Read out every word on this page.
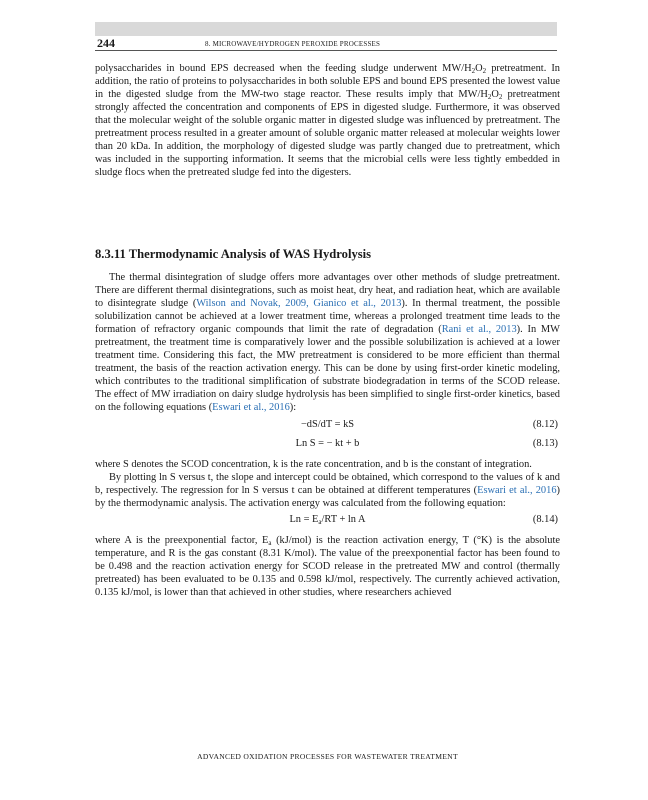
244	8. MICROWAVE/HYDROGEN PEROXIDE PROCESSES

polysaccharides in bound EPS decreased when the feeding sludge underwent $MW/H_2O_2$ pretreatment. In addition, the ratio of proteins to polysaccharides in both soluble EPS and bound EPS presented the lowest value in the digested sludge from the MW-two stage reactor. These results imply that $MW/H_2O_2$ pretreatment strongly affected the concentration and components of EPS in digested sludge. Furthermore, it was observed that the molecular weight of the soluble organic matter in digested sludge was influenced by pretreatment. The pretreatment process resulted in a greater amount of soluble organic matter released at molecular weights lower than 20 kDa. In addition, the morphology of digested sludge was partly changed due to pretreatment, which was included in the supporting information. It seems that the microbial cells were less tightly embedded in sludge flocs when the pretreated sludge fed into the digesters.

8.3.11 Thermodynamic Analysis of WAS Hydrolysis

The thermal disintegration of sludge offers more advantages over other methods of sludge pretreatment. There are different thermal disintegrations, such as moist heat, dry heat, and radiation heat, which are available to disintegrate sludge (Wilson and Novak, 2009, Gianico et al., 2013). In thermal treatment, the possible solubilization cannot be achieved at a lower treatment time, whereas a prolonged treatment time leads to the formation of refractory organic compounds that limit the rate of degradation (Rani et al., 2013). In MW pretreatment, the treatment time is comparatively lower and the possible solubilization is achieved at a lower treatment time. Considering this fact, the MW pretreatment is considered to be more efficient than thermal treatment, the basis of the reaction activation energy. This can be done by using first-order kinetic modeling, which contributes to the traditional simplification of substrate biodegradation in terms of the SCOD release. The effect of MW irradiation on dairy sludge hydrolysis has been simplified to single first-order kinetics, based on the following equations (Eswari et al., 2016):

−dS/dT = kS	(8.12)
Ln S = − kt + b	(8.13)

where S denotes the SCOD concentration, k is the rate concentration, and b is the constant of integration.

By plotting ln S versus t, the slope and intercept could be obtained, which correspond to the values of k and b, respectively. The regression for ln S versus t can be obtained at different temperatures (Eswari et al., 2016) by the thermodynamic analysis. The activation energy was calculated from the following equation:

$Ln = E_a/RT + \ln A$	(8.14)

where A is the preexponential factor, $E_a$ (kJ/mol) is the reaction activation energy, T (°K) is the absolute temperature, and R is the gas constant (8.31 K/mol). The value of the preexponential factor has been found to be 0.498 and the reaction activation energy for SCOD release in the pretreated MW and control (thermally pretreated) has been evaluated to be 0.135 and 0.598 kJ/mol, respectively. The currently achieved activation, 0.135 kJ/mol, is lower than that achieved in other studies, where researchers achieved

ADVANCED OXIDATION PROCESSES FOR WASTEWATER TREATMENT
